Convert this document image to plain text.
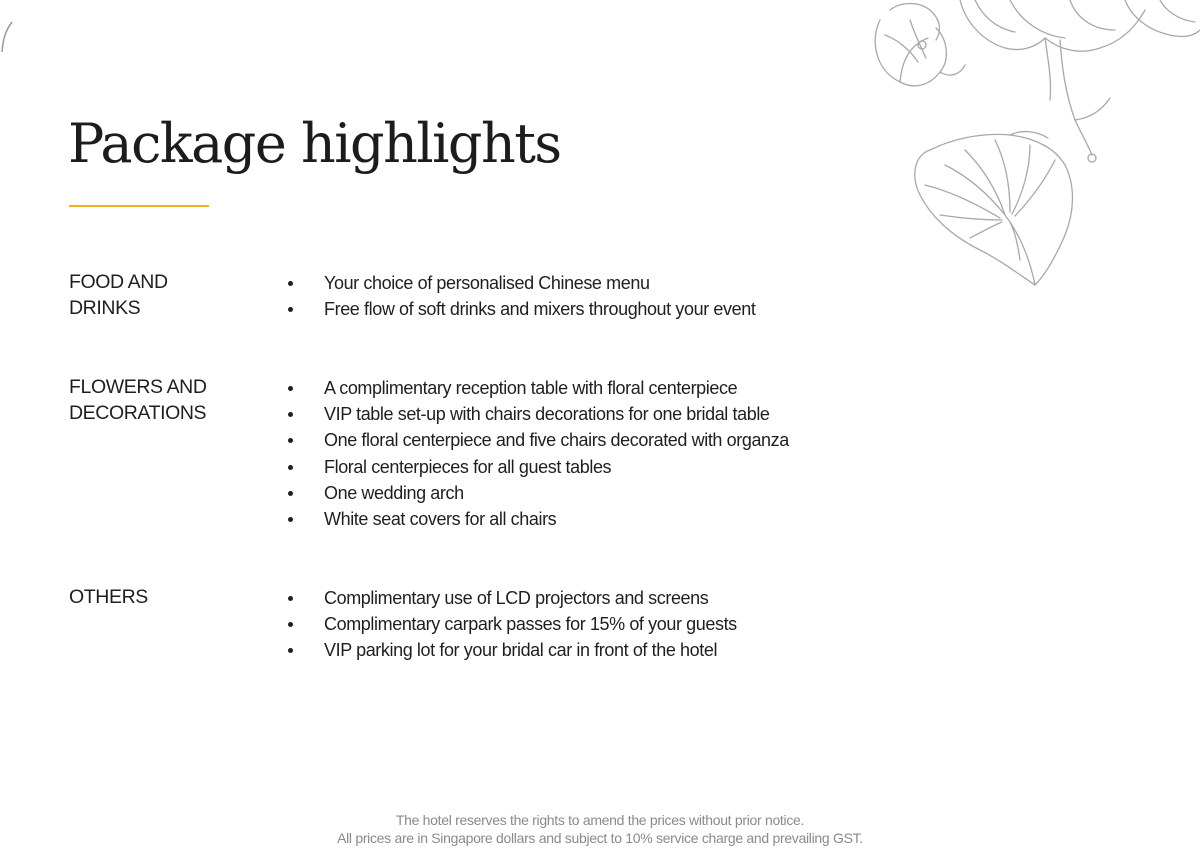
Package highlights
FOOD AND
DRINKS
Your choice of personalised Chinese menu
Free flow of soft drinks and mixers throughout your event
FLOWERS AND
DECORATIONS
A complimentary reception table with floral centerpiece
VIP table set-up with chairs decorations for one bridal table
One floral centerpiece and five chairs decorated with organza
Floral centerpieces for all guest tables
One wedding arch
White seat covers for all chairs
OTHERS	Complimentary use of LCD projectors and screens
Complimentary carpark passes for 15% of your guests
VIP parking lot for your bridal car in front of the hotel
The hotel reserves the rights to amend the prices without prior notice.
All prices are in Singapore dollars and subject to 10% service charge and prevailing GST.
